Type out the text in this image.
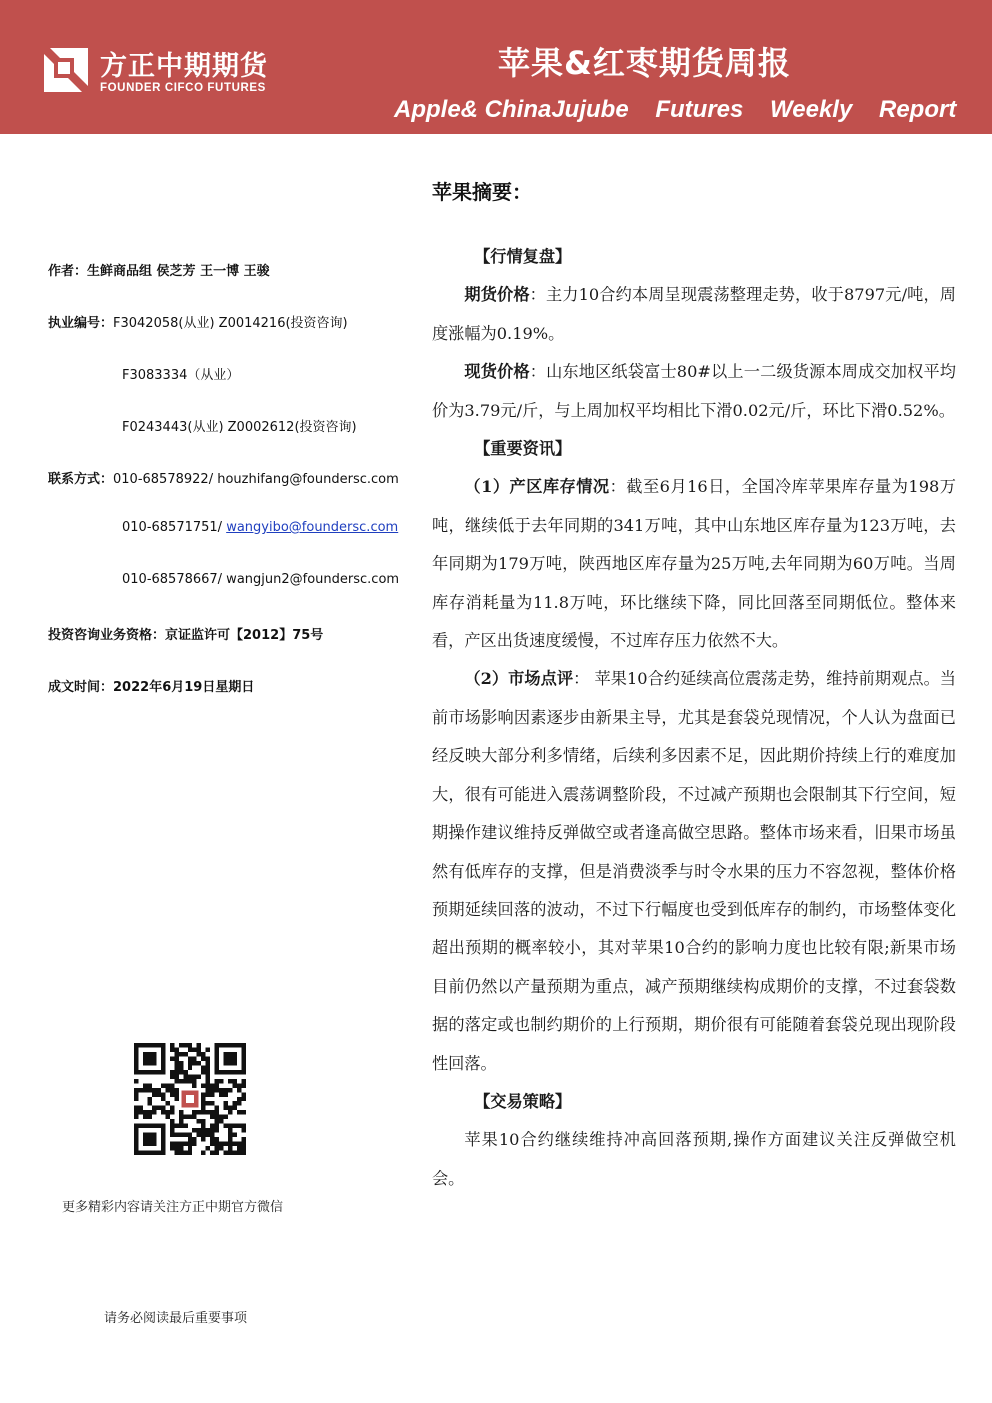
方正中期期货
FOUNDER CIFCO FUTURES
苹果&红枣期货周报
Apple& ChinaJujube    Futures    Weekly    Report
苹果摘要：
作者：生鲜商品组 侯芝芳 王一博 王骏
执业编号：F3042058(从业) Z0014216(投资咨询)
F3083334（从业）
F0243443(从业) Z0002612(投资咨询)
联系方式：010-68578922/ houzhifang@foundersc.com
010-68571751/ wangyibo@foundersc.com
010-68578667/ wangjun2@foundersc.com
投资咨询业务资格：京证监许可【2012】75号
成文时间：2022年6月19日星期日
更多精彩内容请关注方正中期官方微信
请务必阅读最后重要事项

【行情复盘】

期货价格：主力10合约本周呈现震荡整理走势，收于8797元/吨，周度涨幅为0.19%。

现货价格：山东地区纸袋富士80#以上一二级货源本周成交加权平均价为3.79元/斤，与上周加权平均相比下滑0.02元/斤，环比下滑0.52%。

【重要资讯】

（1）产区库存情况：截至6月16日，全国冷库苹果库存量为198万吨，继续低于去年同期的341万吨，其中山东地区库存量为123万吨，去年同期为179万吨，陕西地区库存量为25万吨,去年同期为60万吨。当周库存消耗量为11.8万吨，环比继续下降，同比回落至同期低位。整体来看，产区出货速度缓慢，不过库存压力依然不大。

（2）市场点评： 苹果10合约延续高位震荡走势，维持前期观点。当前市场影响因素逐步由新果主导，尤其是套袋兑现情况，个人认为盘面已经反映大部分利多情绪，后续利多因素不足，因此期价持续上行的难度加大，很有可能进入震荡调整阶段，不过减产预期也会限制其下行空间，短期操作建议维持反弹做空或者逢高做空思路。整体市场来看，旧果市场虽然有低库存的支撑，但是消费淡季与时令水果的压力不容忽视，整体价格预期延续回落的波动，不过下行幅度也受到低库存的制约，市场整体变化超出预期的概率较小，其对苹果10合约的影响力度也比较有限;新果市场目前仍然以产量预期为重点，减产预期继续构成期价的支撑，不过套袋数据的落定或也制约期价的上行预期，期价很有可能随着套袋兑现出现阶段性回落。

【交易策略】

苹果10合约继续维持冲高回落预期,操作方面建议关注反弹做空机会。
